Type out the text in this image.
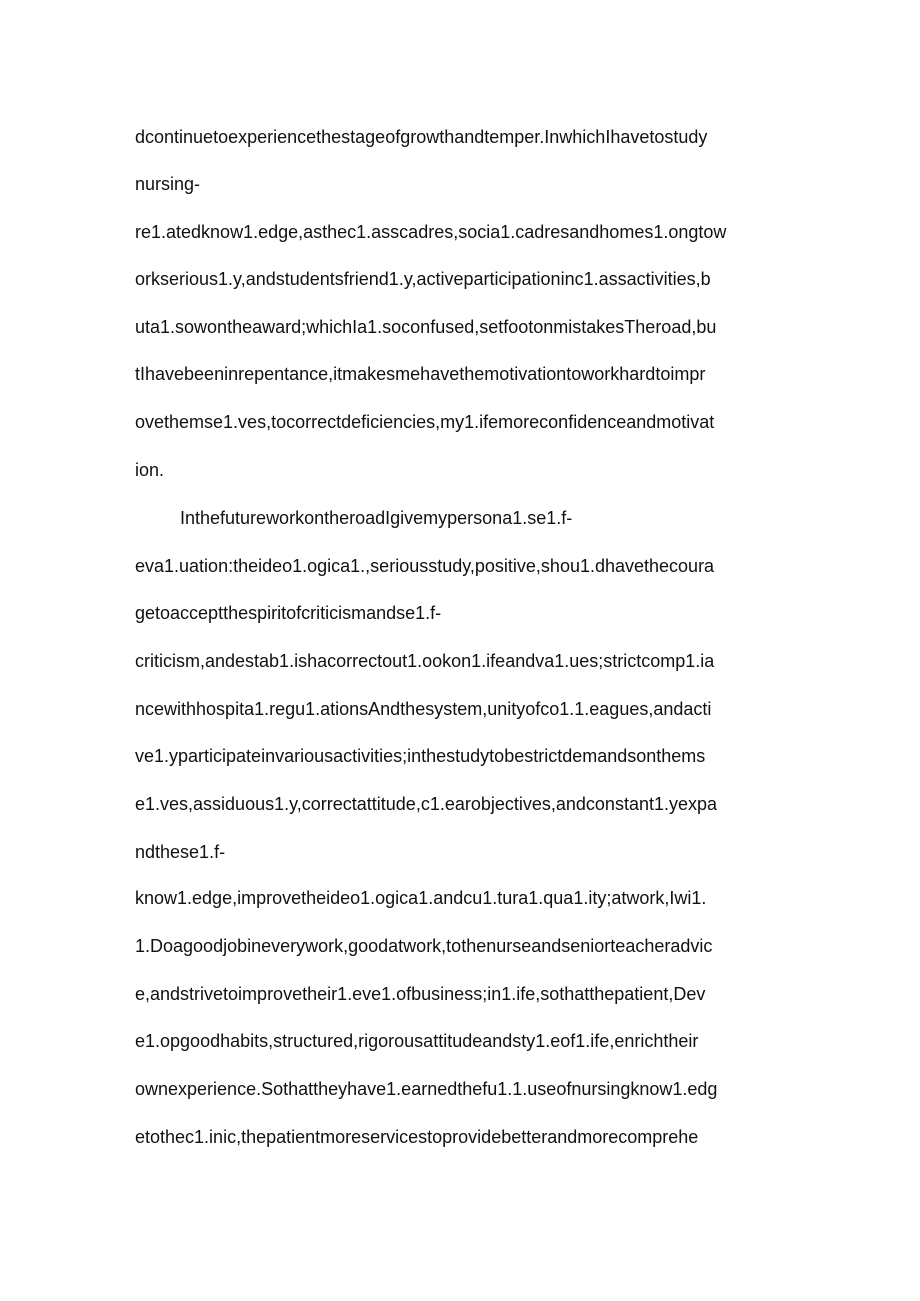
dcontinuetoexperiencethestageofgrowthandtemper.InwhichIhavetostudy
nursing-
re1.atedknow1.edge,asthec1.asscadres,socia1.cadresandhomes1.ongtow
orkserious1.y,andstudentsfriend1.y,activeparticipationinc1.assactivities,b
uta1.sowontheaward;whichIa1.soconfused,setfootonmistakesTheroad,bu
tIhavebeeninrepentance,itmakesmehavethemotivationtoworkhardtoimpr
ovethemse1.ves,tocorrectdeficiencies,my1.ifemoreconfidenceandmotivat
ion.
InthefutureworkontheroadIgivemypersona1.se1.f-
eva1.uation:theideo1.ogica1.,seriousstudy,positive,shou1.dhavethecoura
getoacceptthespiritofcriticismandse1.f-
criticism,andestab1.ishacorrectout1.ookon1.ifeandva1.ues;strictcomp1.ia
ncewithhospita1.regu1.ationsAndthesystem,unityofco1.1.eagues,andacti
ve1.yparticipateinvariousactivities;inthestudytobestrictdemandsonthems
e1.ves,assiduous1.y,correctattitude,c1.earobjectives,andconstant1.yexpa
ndthese1.f-
know1.edge,improvetheideo1.ogica1.andcu1.tura1.qua1.ity;atwork,Iwi1.
1.Doagoodjobineverywork,goodatwork,tothenurseandseniorteacheradvic
e,andstrivetoimprovetheir1.eve1.ofbusiness;in1.ife,sothatthepatient,Dev
e1.opgoodhabits,structured,rigorousattitudeandsty1.eof1.ife,enrichtheir
ownexperience.Sothattheyhave1.earnedthefu1.1.useofnursingknow1.edg
etothec1.inic,thepatientmoreservicestoprovidebetterandmorecomprehe
